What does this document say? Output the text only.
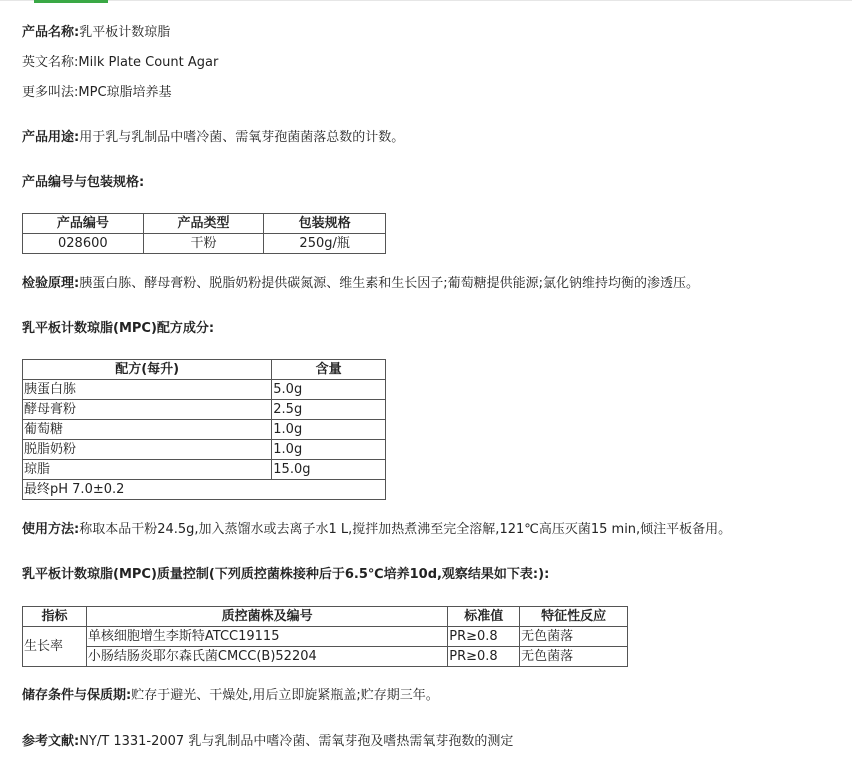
产品名称:乳平板计数琼脂
英文名称:Milk Plate Count Agar
更多叫法:MPC琼脂培养基
产品用途:用于乳与乳制品中嗜冷菌、需氧芽孢菌菌落总数的计数。
产品编号与包装规格:
产品编号	产品类型	包装规格
028600	干粉	250g/瓶
检验原理:胰蛋白胨、酵母膏粉、脱脂奶粉提供碳氮源、维生素和生长因子;葡萄糖提供能源;氯化钠维持均衡的渗透压。
乳平板计数琼脂(MPC)配方成分:
配方(每升)	含量
胰蛋白胨	5.0g
酵母膏粉	2.5g
葡萄糖	1.0g
脱脂奶粉	1.0g
琼脂	15.0g
最终pH 7.0±0.2	
使用方法:称取本品干粉24.5g,加入蒸馏水或去离子水1 L,搅拌加热煮沸至完全溶解,121℃高压灭菌15 min,倾注平板备用。
乳平板计数琼脂(MPC)质量控制(下列质控菌株接种后于6.5℃培养10d,观察结果如下表:):
指标	质控菌株及编号	标准值	特征性反应
生长率	单核细胞增生李斯特ATCC19115	PR≥0.8	无色菌落
	小肠结肠炎耶尔森氏菌CMCC(B)52204	PR≥0.8	无色菌落
储存条件与保质期:贮存于避光、干燥处,用后立即旋紧瓶盖;贮存期三年。
参考文献:NY/T 1331-2007 乳与乳制品中嗜冷菌、需氧芽孢及嗜热需氧芽孢数的测定
